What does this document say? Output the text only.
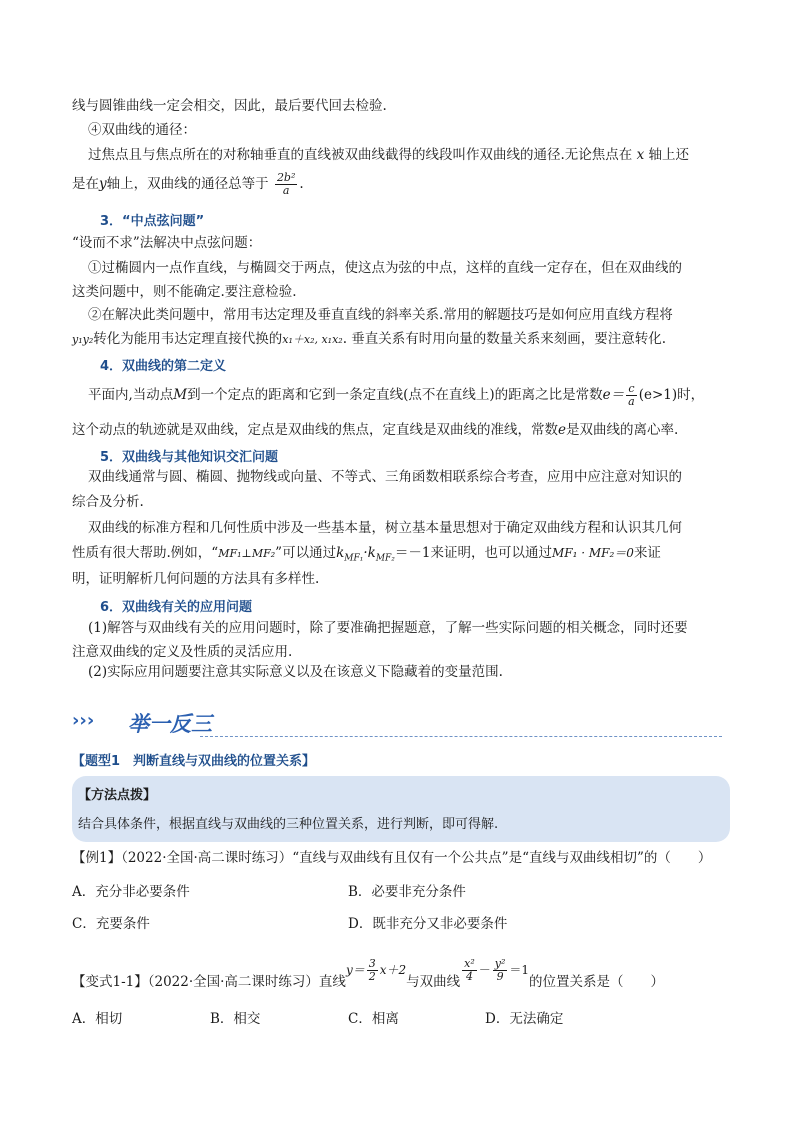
线与圆锥曲线一定会相交，因此，最后要代回去检验.
④双曲线的通径：
过焦点且与焦点所在的对称轴垂直的直线被双曲线截得的线段叫作双曲线的通径.无论焦点在 x 轴上还
是在y轴上，双曲线的通径总等于 $\frac{\text{2b²}}{a}$ .
3．“中点弦问题”
“设而不求”法解决中点弦问题：
①过椭圆内一点作直线，与椭圆交于两点，使这点为弦的中点，这样的直线一定存在，但在双曲线的
这类问题中，则不能确定.要注意检验.
②在解决此类问题中，常用韦达定理及垂直直线的斜率关系.常用的解题技巧是如何应用直线方程将
y₁y₂转化为能用韦达定理直接代换的x₁＋x₂, x₁x₂. 垂直关系有时用向量的数量关系来刻画，要注意转化.
4．双曲线的第二定义
平面内,当动点M到一个定点的距离和它到一条定直线(点不在直线上)的距离之比是常数$e= \frac{c}{a} (e>1)$时，
这个动点的轨迹就是双曲线，定点是双曲线的焦点，定直线是双曲线的准线，常数e是双曲线的离心率.
5．双曲线与其他知识交汇问题
双曲线通常与圆、椭圆、抛物线或向量、不等式、三角函数相联系综合考查，应用中应注意对知识的
综合及分析.
双曲线的标准方程和几何性质中涉及一些基本量，树立基本量思想对于确定双曲线方程和认识其几何
性质有很大帮助.例如，“MF₁⊥MF₂”可以通过$k_{MF_1}\cdot k_{MF_2}=-1$来证明，也可以通过MF₁ · MF₂＝0来证
明，证明解析几何问题的方法具有多样性.
6．双曲线有关的应用问题
(1)解答与双曲线有关的应用问题时，除了要准确把握题意，了解一些实际问题的相关概念，同时还要
注意双曲线的定义及性质的灵活应用.
(2)实际应用问题要注意其实际意义以及在该意义下隐藏着的变量范围.
››› 举一反三
【题型1　判断直线与双曲线的位置关系】
【方法点拨】
结合具体条件，根据直线与双曲线的三种位置关系，进行判断，即可得解.
【例1】（2022·全国·高二课时练习）“直线与双曲线有且仅有一个公共点”是“直线与双曲线相切”的（　　）
A．充分非必要条件	B．必要非充分条件
C．充要条件	D．既非充分又非必要条件
【变式1-1】（2022·全国·高二课时练习）直线$y= \frac{3}{2} x+2$与双曲线 $\frac{\text{x²}}{4} - \frac{\text{y²}}{9} =1$的位置关系是（　　）
A．相切	B．相交	C．相离	D．无法确定
